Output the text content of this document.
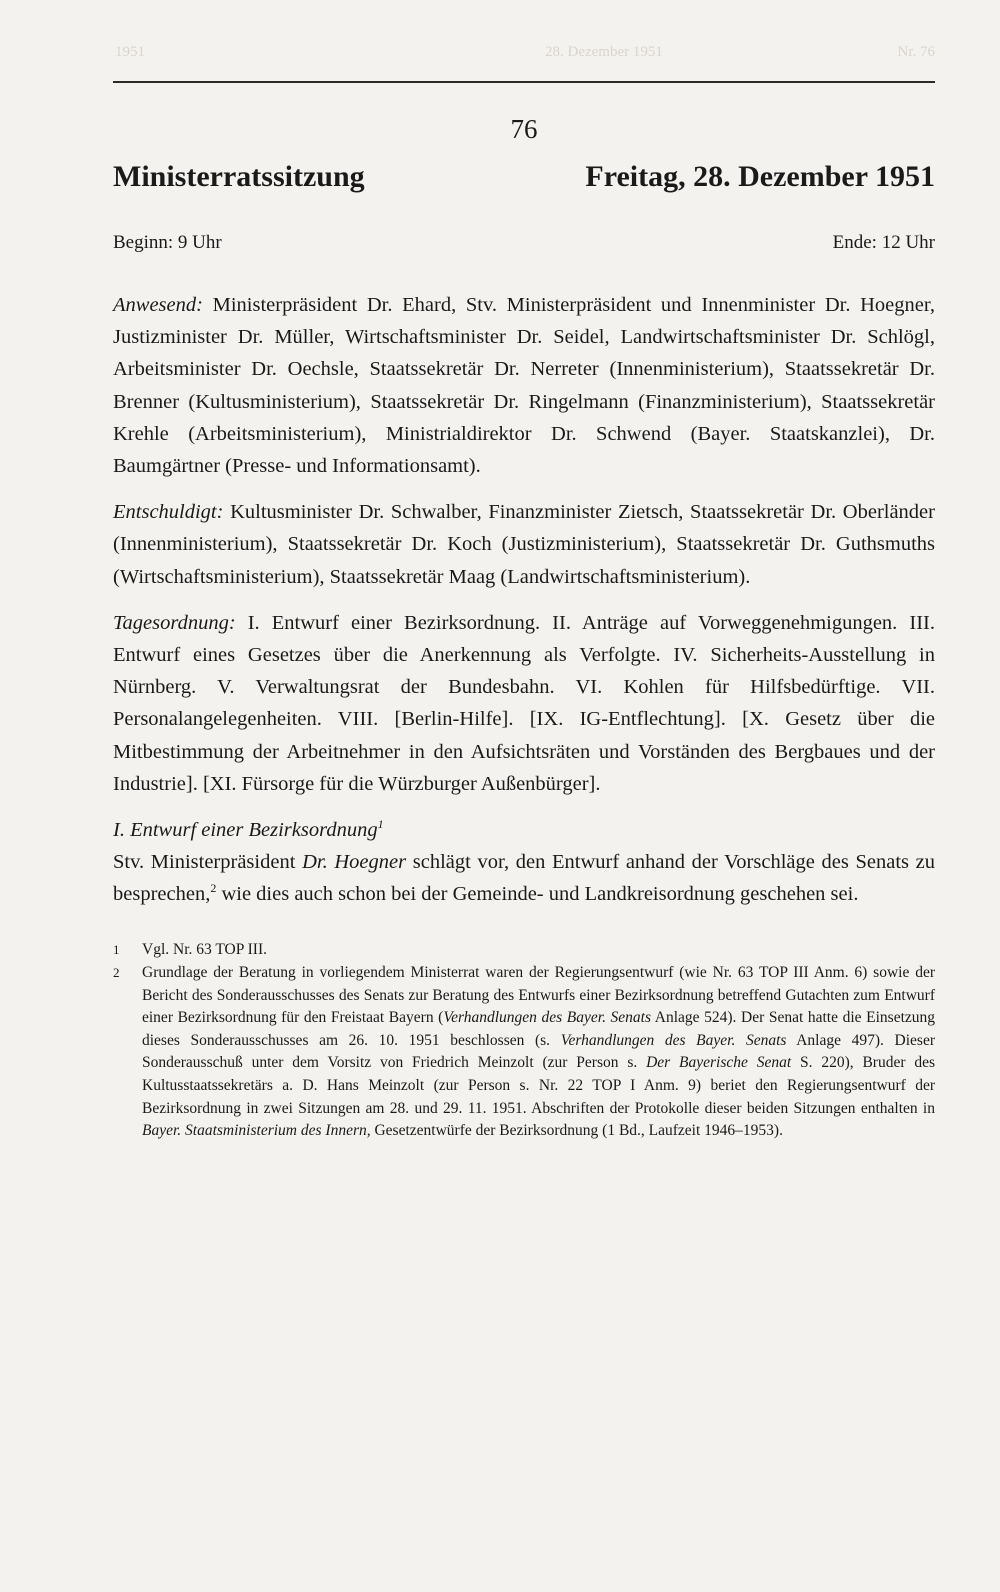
1951	28. Dezember 1951	Nr. 76
76
Ministerratssitzung	Freitag, 28. Dezember 1951
Beginn: 9 Uhr	Ende: 12 Uhr

Anwesend: Ministerpräsident Dr. Ehard, Stv. Ministerpräsident und Innenminister Dr. Hoegner, Justizminister Dr. Müller, Wirtschaftsminister Dr. Seidel, Landwirtschaftsminister Dr. Schlögl, Arbeitsminister Dr. Oechsle, Staatssekretär Dr. Nerreter (Innenministerium), Staatssekretär Dr. Brenner (Kultusministerium), Staatssekretär Dr. Ringelmann (Finanzministerium), Staatssekretär Krehle (Arbeitsministerium), Ministrialdirektor Dr. Schwend (Bayer. Staatskanzlei), Dr. Baumgärtner (Presse- und Informationsamt).

Entschuldigt: Kultusminister Dr. Schwalber, Finanzminister Zietsch, Staatssekretär Dr. Oberländer (Innenministerium), Staatssekretär Dr. Koch (Justizministerium), Staatssekretär Dr. Guthsmuths (Wirtschaftsministerium), Staatssekretär Maag (Landwirtschaftsministerium).

Tagesordnung: I. Entwurf einer Bezirksordnung. II. Anträge auf Vorweggenehmigungen. III. Entwurf eines Gesetzes über die Anerkennung als Verfolgte. IV. Sicherheits-Ausstellung in Nürnberg. V. Verwaltungsrat der Bundesbahn. VI. Kohlen für Hilfsbedürftige. VII. Personalangelegenheiten. VIII. [Berlin-Hilfe]. [IX. IG-Entflechtung]. [X. Gesetz über die Mitbestimmung der Arbeitnehmer in den Aufsichtsräten und Vorständen des Bergbaues und der Industrie]. [XI. Fürsorge für die Würzburger Außenbürger].

I. Entwurf einer Bezirksordnung$^1$

Stv. Ministerpräsident Dr. Hoegner schlägt vor, den Entwurf anhand der Vorschläge des Senats zu besprechen,$^2$ wie dies auch schon bei der Gemeinde- und Landkreisordnung geschehen sei.

1	Vgl. Nr. 63 TOP III.
2	Grundlage der Beratung in vorliegendem Ministerrat waren der Regierungsentwurf (wie Nr. 63 TOP III Anm. 6) sowie der Bericht des Sonderausschusses des Senats zur Beratung des Entwurfs einer Bezirksordnung betreffend Gutachten zum Entwurf einer Bezirksordnung für den Freistaat Bayern (Verhandlungen des Bayer. Senats Anlage 524). Der Senat hatte die Einsetzung dieses Sonderausschusses am 26. 10. 1951 beschlossen (s. Verhandlungen des Bayer. Senats Anlage 497). Dieser Sonderausschuß unter dem Vorsitz von Friedrich Meinzolt (zur Person s. Der Bayerische Senat S. 220), Bruder des Kultusstaatssekretärs a. D. Hans Meinzolt (zur Person s. Nr. 22 TOP I Anm. 9) beriet den Regierungsentwurf der Bezirksordnung in zwei Sitzungen am 28. und 29. 11. 1951. Abschriften der Protokolle dieser beiden Sitzungen enthalten in Bayer. Staatsministerium des Innern, Gesetzentwürfe der Bezirksordnung (1 Bd., Laufzeit 1946–1953).
